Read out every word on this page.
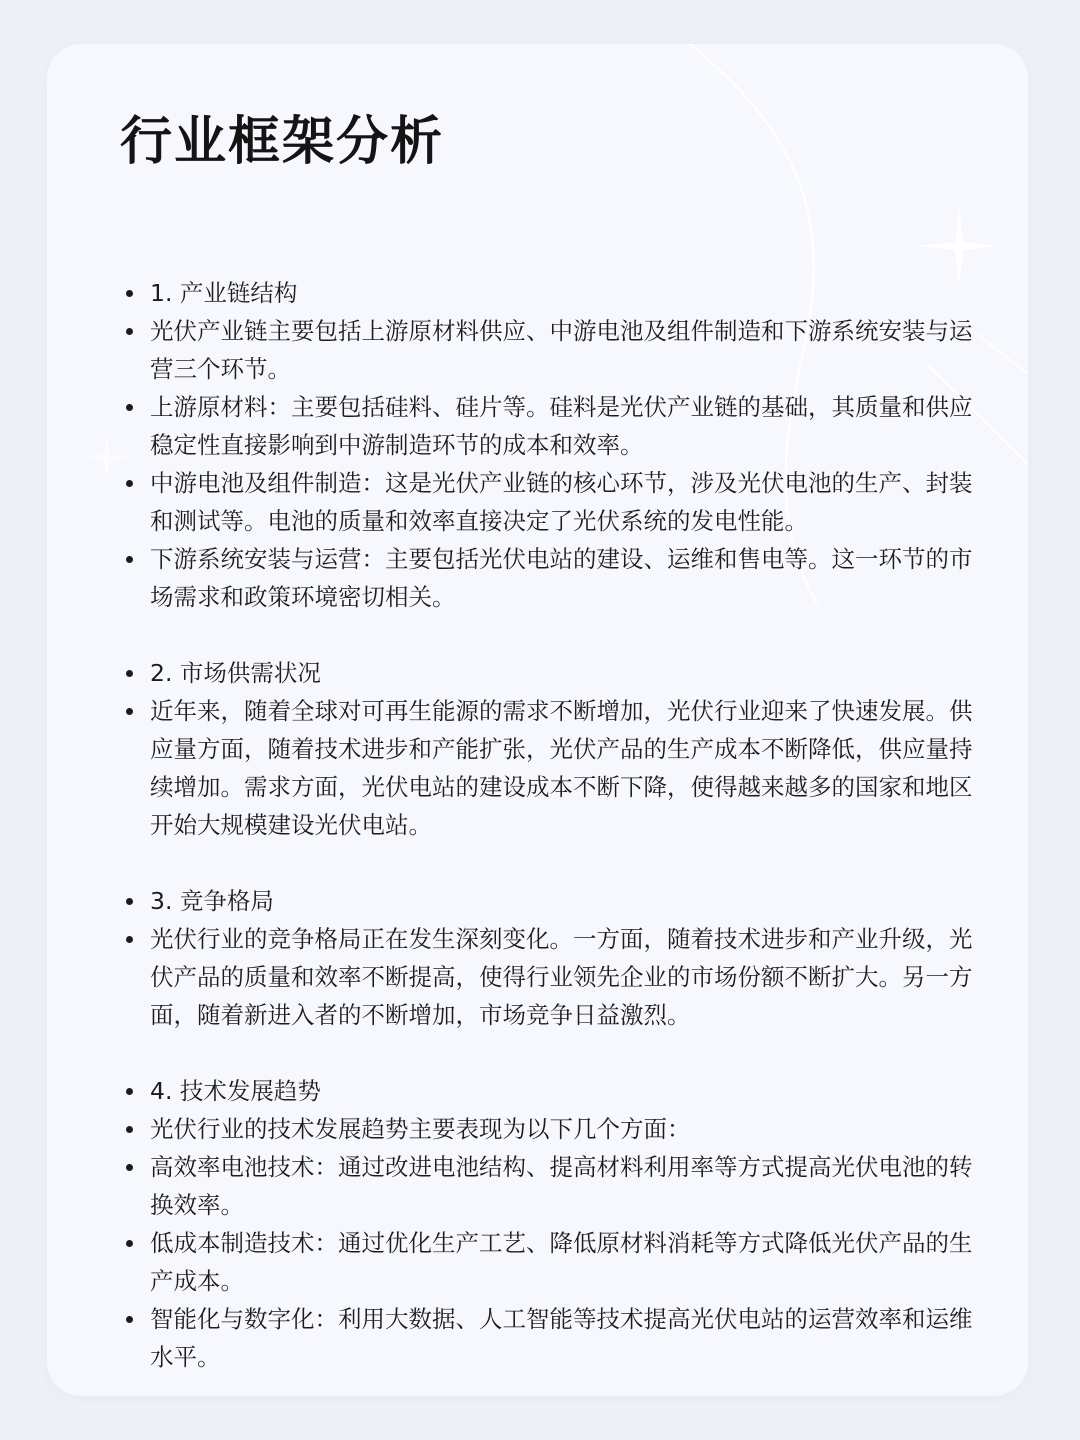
行业框架分析
1. 产业链结构
光伏产业链主要包括上游原材料供应、中游电池及组件制造和下游系统安装与运营三个环节。
上游原材料：主要包括硅料、硅片等。硅料是光伏产业链的基础，其质量和供应稳定性直接影响到中游制造环节的成本和效率。
中游电池及组件制造：这是光伏产业链的核心环节，涉及光伏电池的生产、封装和测试等。电池的质量和效率直接决定了光伏系统的发电性能。
下游系统安装与运营：主要包括光伏电站的建设、运维和售电等。这一环节的市场需求和政策环境密切相关。
2. 市场供需状况
近年来，随着全球对可再生能源的需求不断增加，光伏行业迎来了快速发展。供应量方面，随着技术进步和产能扩张，光伏产品的生产成本不断降低，供应量持续增加。需求方面，光伏电站的建设成本不断下降，使得越来越多的国家和地区开始大规模建设光伏电站。
3. 竞争格局
光伏行业的竞争格局正在发生深刻变化。一方面，随着技术进步和产业升级，光伏产品的质量和效率不断提高，使得行业领先企业的市场份额不断扩大。另一方面，随着新进入者的不断增加，市场竞争日益激烈。
4. 技术发展趋势
光伏行业的技术发展趋势主要表现为以下几个方面：
高效率电池技术：通过改进电池结构、提高材料利用率等方式提高光伏电池的转换效率。
低成本制造技术：通过优化生产工艺、降低原材料消耗等方式降低光伏产品的生产成本。
智能化与数字化：利用大数据、人工智能等技术提高光伏电站的运营效率和运维水平。
